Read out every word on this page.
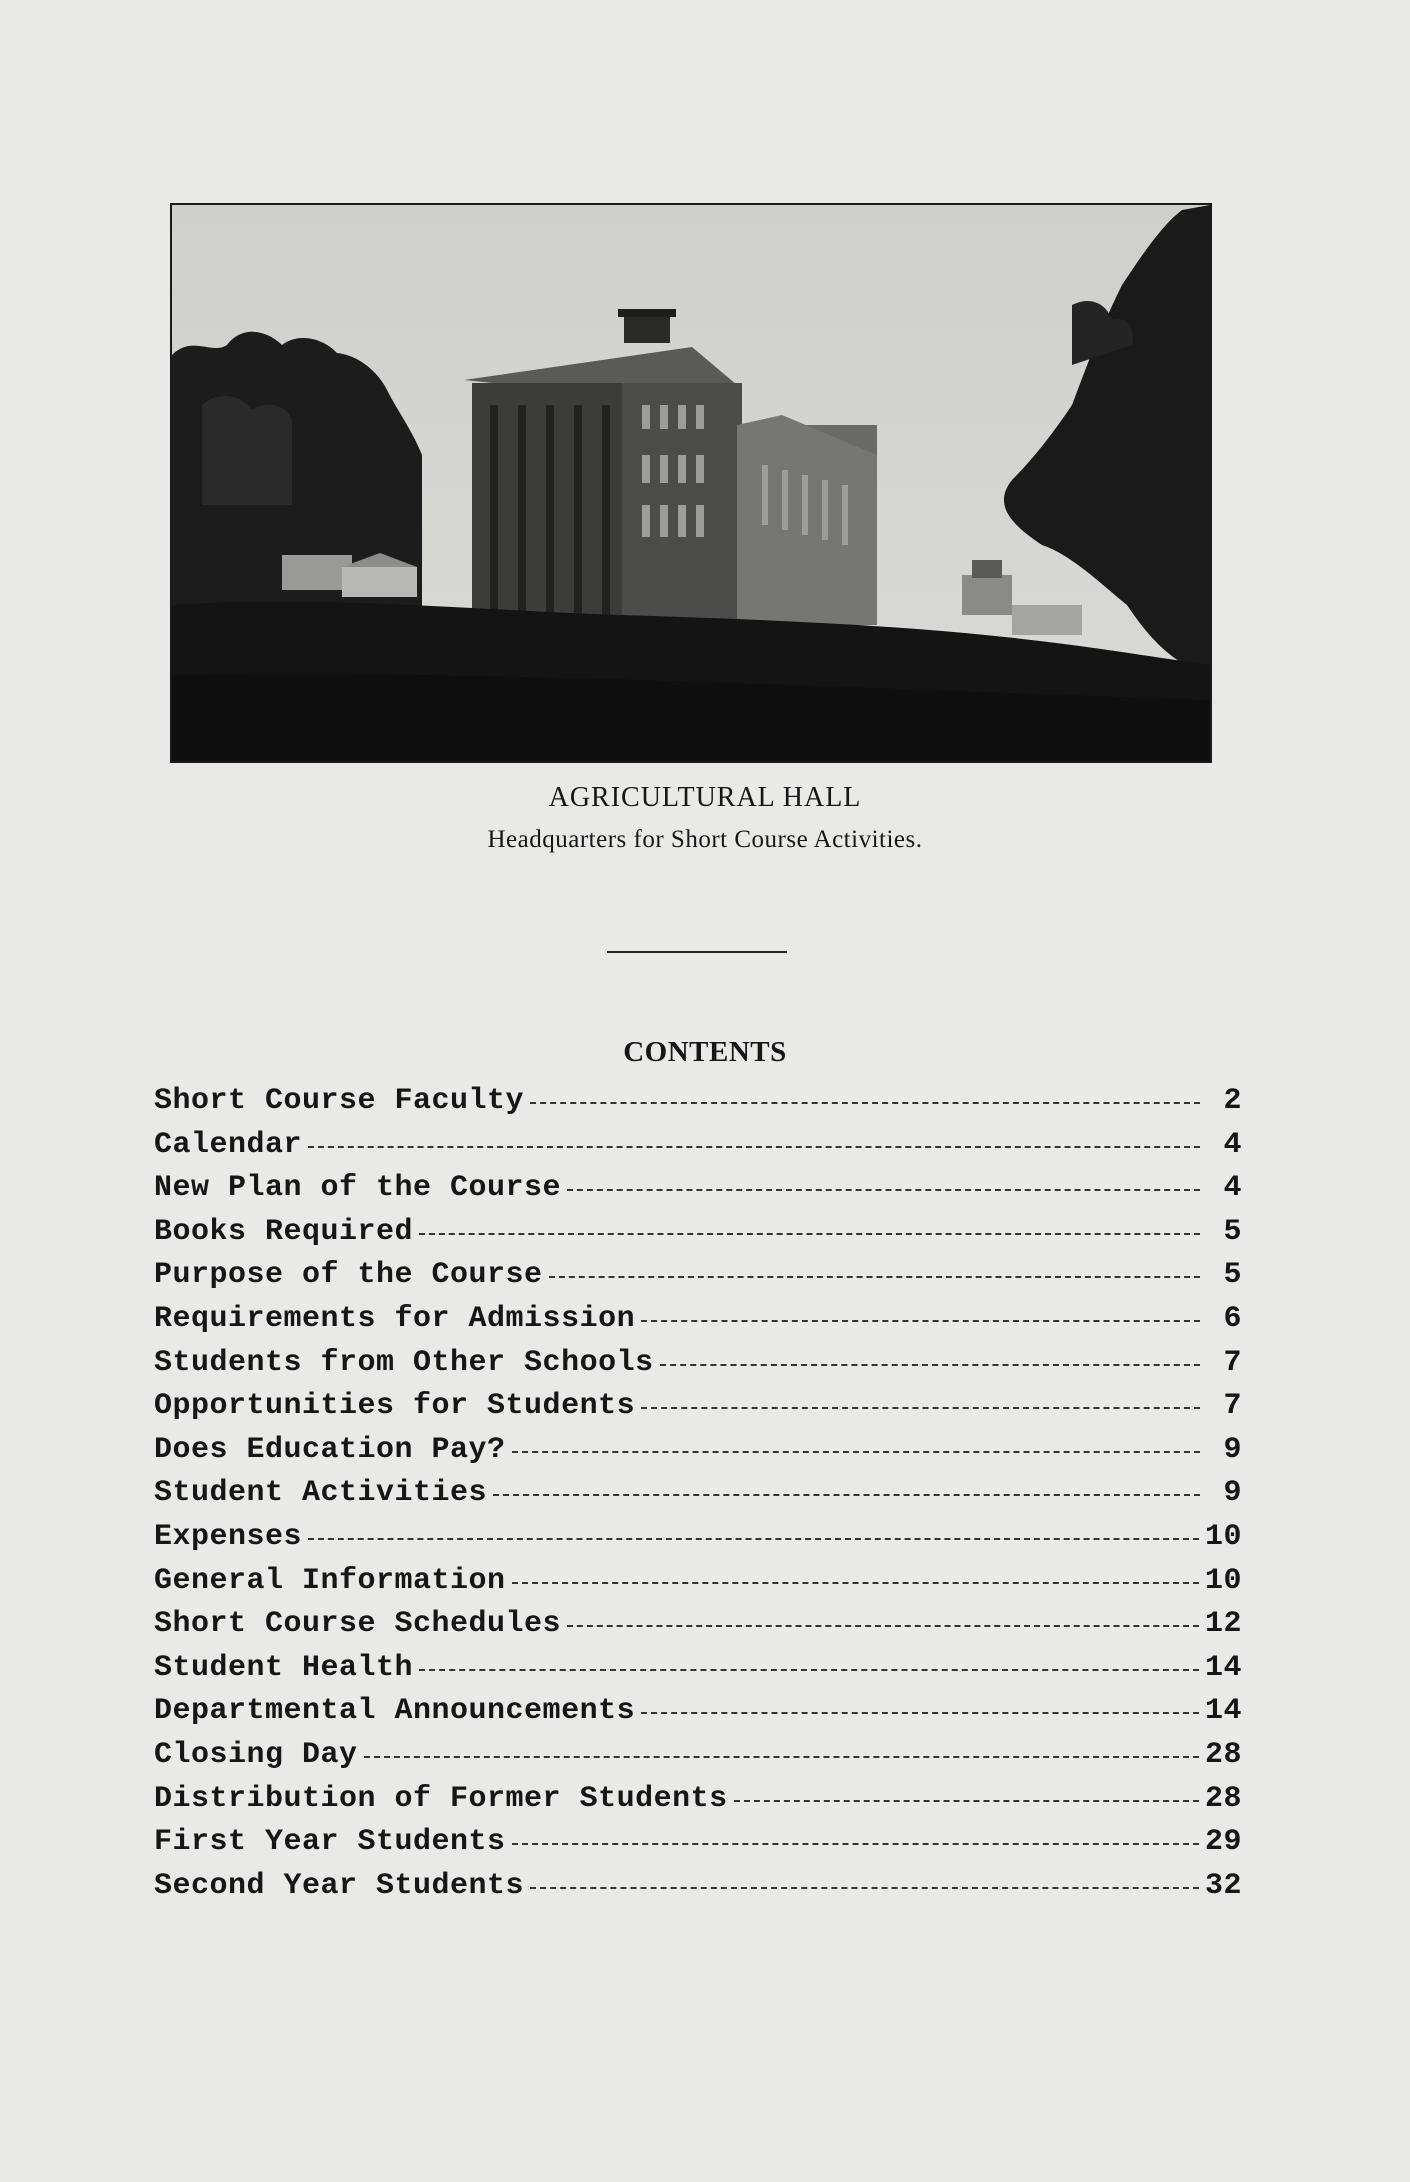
AGRICULTURAL HALL
Headquarters for Short Course Activities.
CONTENTS
Short Course Faculty	2
Calendar	4
New Plan of the Course	4
Books Required	5
Purpose of the Course	5
Requirements for Admission	6
Students from Other Schools	7
Opportunities for Students	7
Does Education Pay?	9
Student Activities	9
Expenses	10
General Information	10
Short Course Schedules	12
Student Health	14
Departmental Announcements	14
Closing Day	28
Distribution of Former Students	28
First Year Students	29
Second Year Students	32
